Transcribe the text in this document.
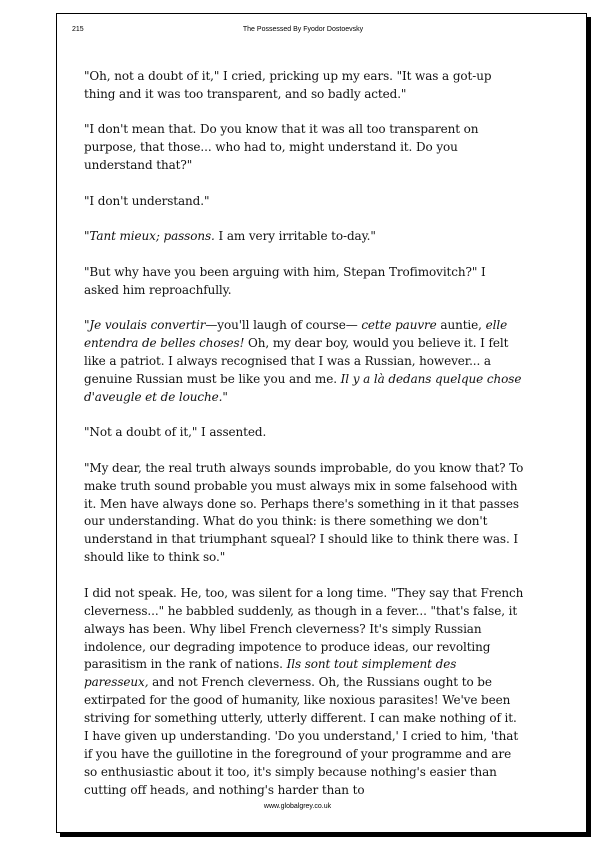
215	The Possessed By Fyodor Dostoevsky

"Oh, not a doubt of it," I cried, pricking up my ears. "It was a got-up thing and it was too transparent, and so badly acted."

"I don't mean that. Do you know that it was all too transparent on purpose, that those... who had to, might understand it. Do you understand that?"

"I don't understand."

"Tant mieux; passons. I am very irritable to-day."

"But why have you been arguing with him, Stepan Trofimovitch?" I asked him reproachfully.

"Je voulais convertir—you'll laugh of course— cette pauvre auntie, elle entendra de belles choses! Oh, my dear boy, would you believe it. I felt like a patriot. I always recognised that I was a Russian, however... a genuine Russian must be like you and me. Il y a là dedans quelque chose d'aveugle et de louche."

"Not a doubt of it," I assented.

"My dear, the real truth always sounds improbable, do you know that? To make truth sound probable you must always mix in some falsehood with it. Men have always done so. Perhaps there's something in it that passes our understanding. What do you think: is there something we don't understand in that triumphant squeal? I should like to think there was. I should like to think so."

I did not speak. He, too, was silent for a long time. "They say that French cleverness..." he babbled suddenly, as though in a fever... "that's false, it always has been. Why libel French cleverness? It's simply Russian indolence, our degrading impotence to produce ideas, our revolting parasitism in the rank of nations. Ils sont tout simplement des paresseux, and not French cleverness. Oh, the Russians ought to be extirpated for the good of humanity, like noxious parasites! We've been striving for something utterly, utterly different. I can make nothing of it. I have given up understanding. 'Do you understand,' I cried to him, 'that if you have the guillotine in the foreground of your programme and are so enthusiastic about it too, it's simply because nothing's easier than cutting off heads, and nothing's harder than to

www.globalgrey.co.uk
